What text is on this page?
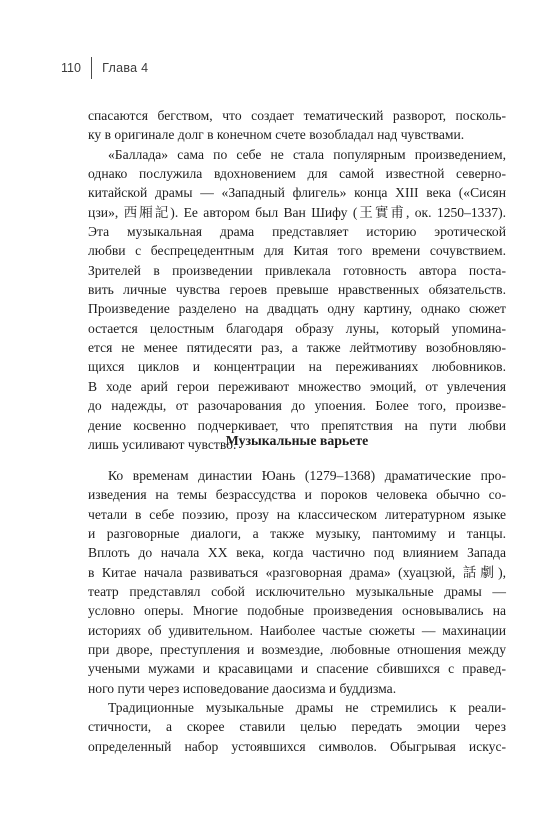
110	Глава 4
спасаются бегством, что создает тематический разворот, посколь-
ку в оригинале долг в конечном счете возобладал над чувствами.
«Баллада» сама по себе не стала популярным произведением,
однако послужила вдохновением для самой известной северно-
китайской драмы — «Западный флигель» конца XIII века («Сисян
цзи», 西厢記). Ее автором был Ван Шифу (王實甫, ок. 1250–1337).
Эта музыкальная драма представляет историю эротической
любви с беспрецедентным для Китая того времени сочувствием.
Зрителей в произведении привлекала готовность автора поста-
вить личные чувства героев превыше нравственных обязательств.
Произведение разделено на двадцать одну картину, однако сюжет
остается целостным благодаря образу луны, который упомина-
ется не менее пятидесяти раз, а также лейтмотиву возобновляю-
щихся циклов и концентрации на переживаниях любовников.
В ходе арий герои переживают множество эмоций, от увлечения
до надежды, от разочарования до упоения. Более того, произве-
дение косвенно подчеркивает, что препятствия на пути любви
лишь усиливают чувство.
Музыкальные варьете
Ко временам династии Юань (1279–1368) драматические про-
изведения на темы безрассудства и пороков человека обычно со-
четали в себе поэзию, прозу на классическом литературном языке
и разговорные диалоги, а также музыку, пантомиму и танцы.
Вплоть до начала XX века, когда частично под влиянием Запада
в Китае начала развиваться «разговорная драма» (хуацзюй, 話劇),
театр представлял собой исключительно музыкальные драмы —
условно оперы. Многие подобные произведения основывались на
историях об удивительном. Наиболее частые сюжеты — махинации
при дворе, преступления и возмездие, любовные отношения между
учеными мужами и красавицами и спасение сбившихся с правед-
ного пути через исповедование даосизма и буддизма.
Традиционные музыкальные драмы не стремились к реали-
стичности, а скорее ставили целью передать эмоции через
определенный набор устоявшихся символов. Обыгрывая искус-
